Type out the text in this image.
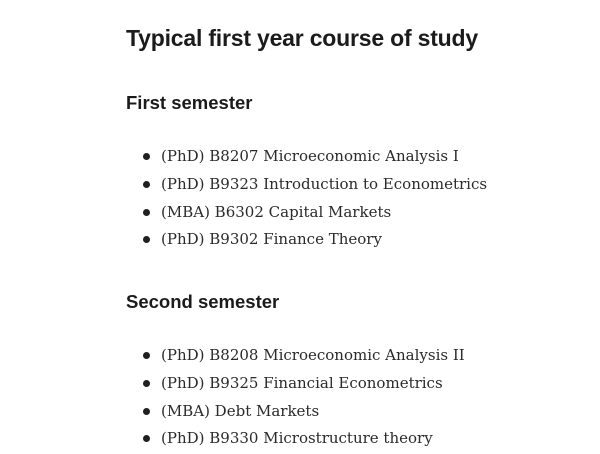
Typical first year course of study
First semester
(PhD) B8207 Microeconomic Analysis I
(PhD) B9323 Introduction to Econometrics
(MBA) B6302 Capital Markets
(PhD) B9302 Finance Theory
Second semester
(PhD) B8208 Microeconomic Analysis II
(PhD) B9325 Financial Econometrics
(MBA) Debt Markets
(PhD) B9330 Microstructure theory
